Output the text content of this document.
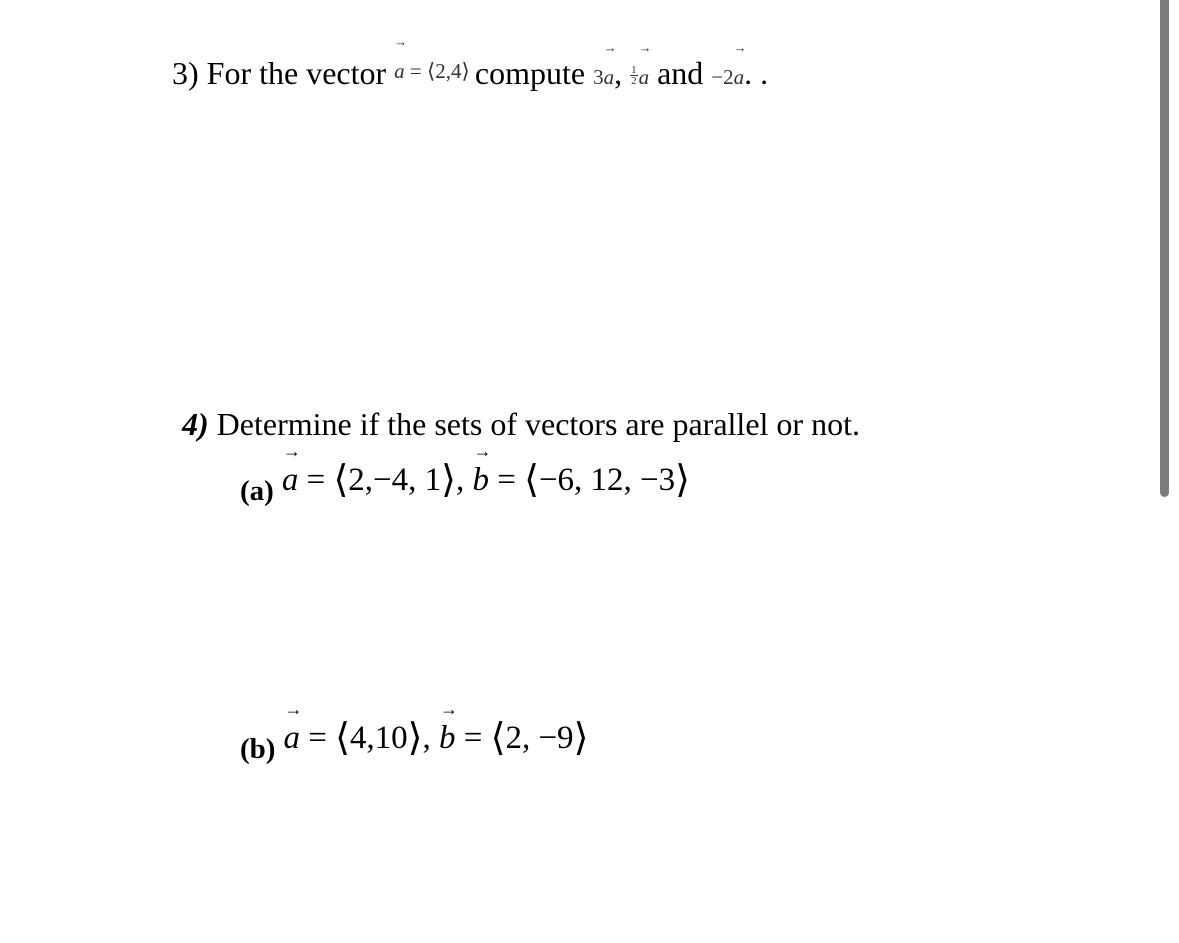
3) For the vector
→
a = ⟨2,4⟩ compute 3
→
a, $\frac{1}{2}$
→
a and −2
→
a. .
4) Determine if the sets of vectors are parallel or not.
(a)
→
a = ⟨2,−4, 1⟩,
→
b = ⟨−6, 12, −3⟩
(b)
→
a = ⟨4,10⟩,
→
b = ⟨2, −9⟩
